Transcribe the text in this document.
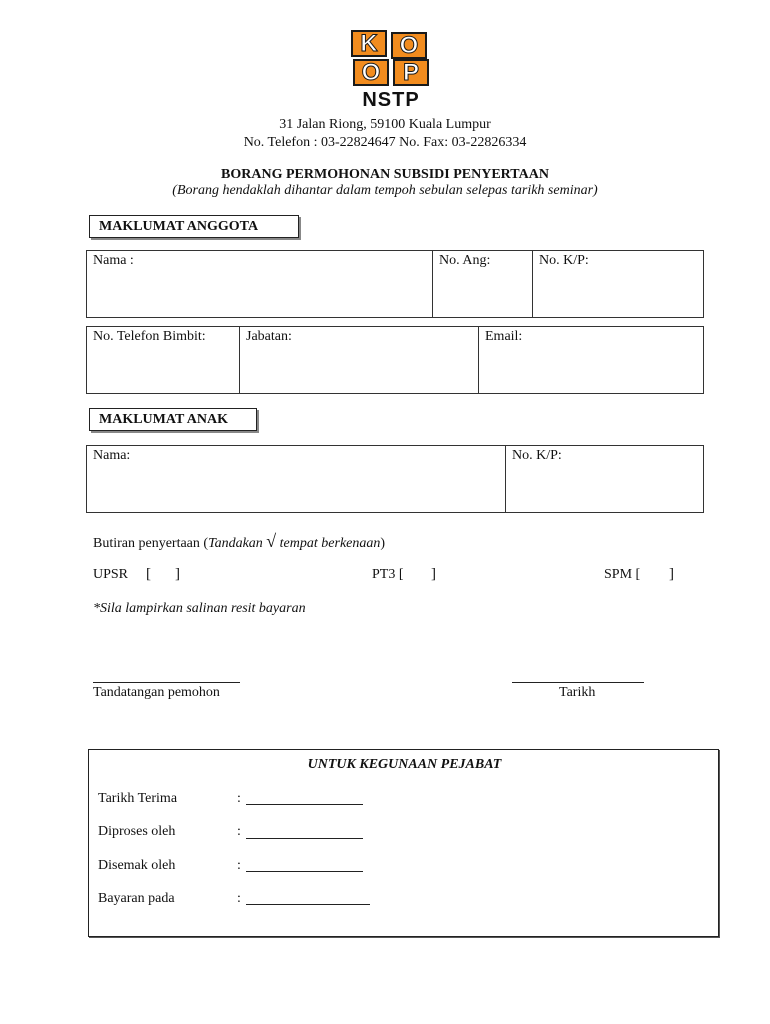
K O
O P
NSTP
31 Jalan Riong, 59100 Kuala Lumpur
No. Telefon : 03-22824647 No. Fax: 03-22826334
BORANG PERMOHONAN SUBSIDI PENYERTAAN
(Borang hendaklah dihantar dalam tempoh sebulan selepas tarikh seminar)
MAKLUMAT ANGGOTA
Nama :	No. Ang:	No. K/P:
No. Telefon Bimbit:	Jabatan:	Email:
MAKLUMAT ANAK
Nama:	No. K/P:
Butiran penyertaan (Tandakan √ tempat berkenaan)
UPSR [ ]	PT3 [ ]	SPM [ ]
*Sila lampirkan salinan resit bayaran
Tandatangan pemohon	Tarikh
UNTUK KEGUNAAN PEJABAT
Tarikh Terima	:
Diproses oleh	:
Disemak oleh	:
Bayaran pada	:
